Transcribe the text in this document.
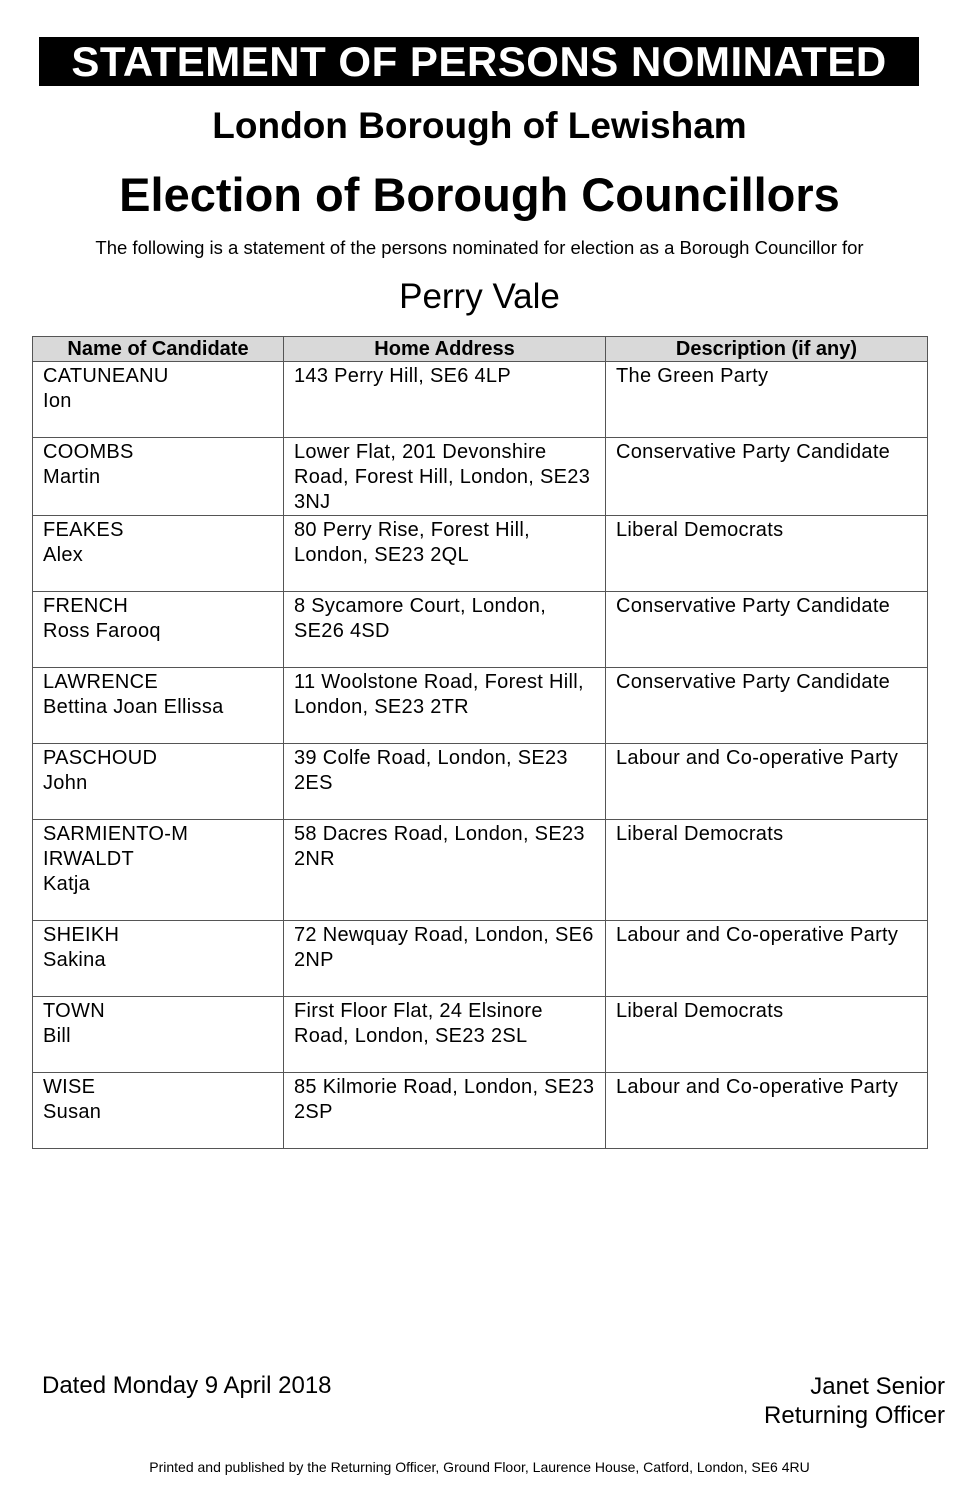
STATEMENT OF PERSONS NOMINATED
London Borough of Lewisham
Election of Borough Councillors
The following is a statement of the persons nominated for election as a Borough Councillor for
Perry Vale
Name of Candidate	Home Address	Description (if any)

CATUNEANU
Ion	143 Perry Hill, SE6 4LP	The Green Party

COOMBS
Martin	Lower Flat, 201 Devonshire Road, Forest Hill, London, SE23 3NJ	Conservative Party Candidate

FEAKES
Alex	80 Perry Rise, Forest Hill, London, SE23 2QL	Liberal Democrats

FRENCH
Ross Farooq	8 Sycamore Court, London, SE26 4SD	Conservative Party Candidate

LAWRENCE
Bettina Joan Ellissa	11 Woolstone Road, Forest Hill, London, SE23 2TR	Conservative Party Candidate

PASCHOUD
John	39 Colfe Road, London, SE23 2ES	Labour and Co-operative Party

SARMIENTO-MIRWALDT
Katja	58 Dacres Road, London, SE23 2NR	Liberal Democrats

SHEIKH
Sakina	72 Newquay Road, London, SE6 2NP	Labour and Co-operative Party

TOWN
Bill	First Floor Flat, 24 Elsinore Road, London, SE23 2SL	Liberal Democrats

WISE
Susan	85 Kilmorie Road, London, SE23 2SP	Labour and Co-operative Party
Dated Monday 9 April 2018	Janet Senior
Returning Officer
Printed and published by the Returning Officer, Ground Floor, Laurence House, Catford, London, SE6 4RU
